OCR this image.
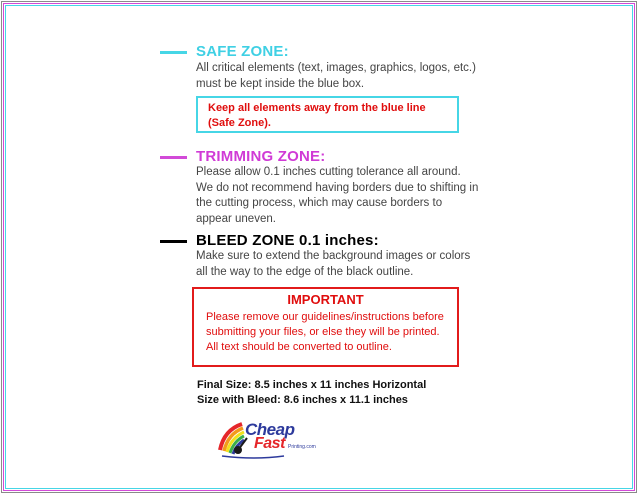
SAFE ZONE:
All critical elements (text, images, graphics, logos, etc.)
must be kept inside the blue box.
Keep all elements away from the blue line
(Safe Zone).
TRIMMING ZONE:
Please allow 0.1 inches cutting tolerance all around.
We do not recommend having borders due to shifting in
the cutting process, which may cause borders to
appear uneven.
BLEED ZONE 0.1 inches:
Make sure to extend the background images or colors
all the way to the edge of the black outline.
IMPORTANT
Please remove our guidelines/instructions before
submitting your files, or else they will be printed.
All text should be converted to outline.
Final Size: 8.5 inches x 11 inches Horizontal
Size with Bleed: 8.6 inches x 11.1 inches
Cheap
Fast Printing.com
